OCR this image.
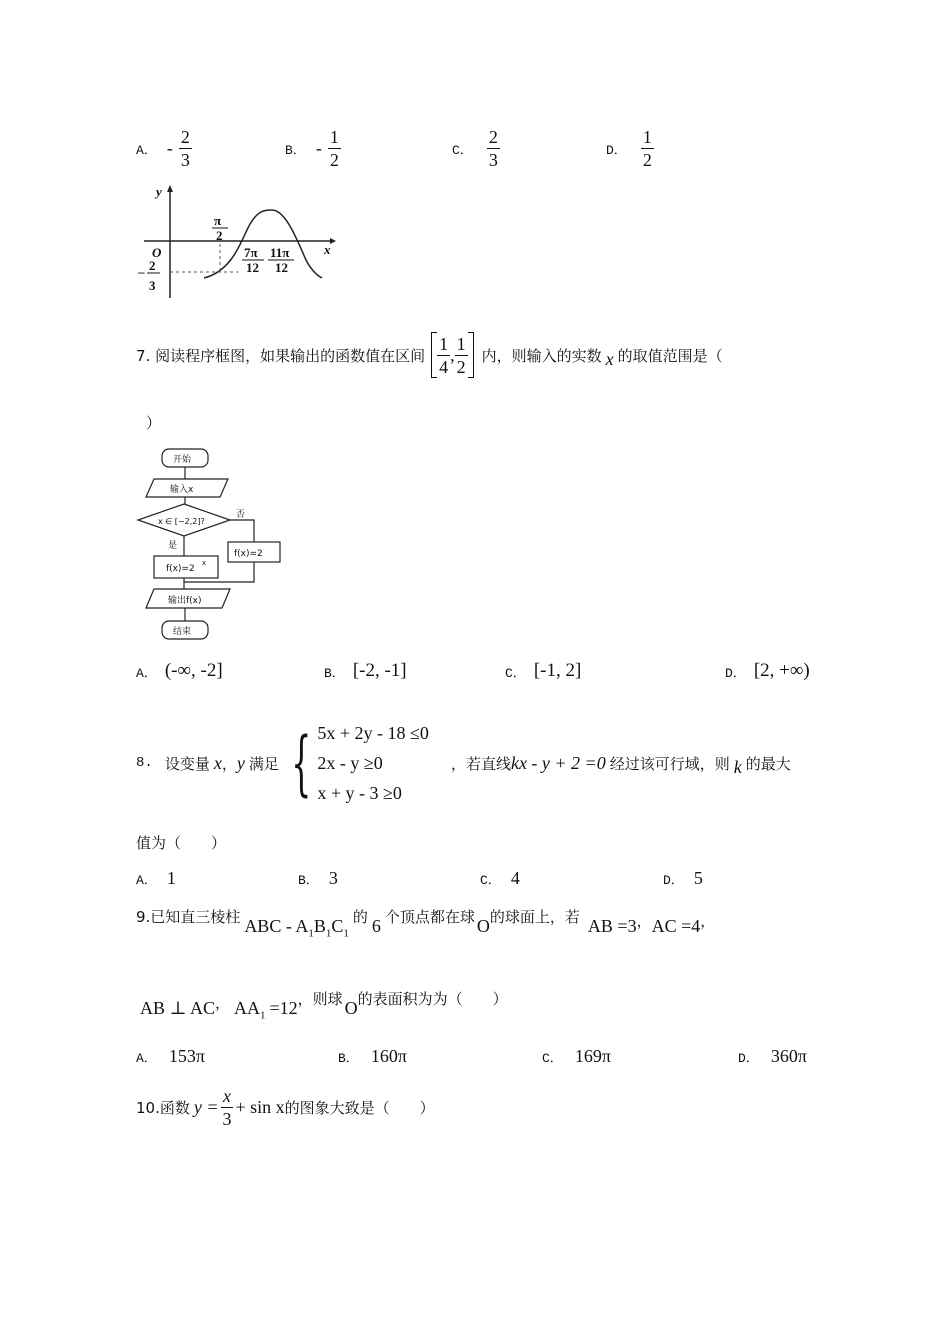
A． - $\frac{2}{3}$	B． - $\frac{1}{2}$	C． $\frac{2}{3}$	D． $\frac{1}{2}$
y
x
O
π
2
7π
12
11π
12
– 2
3
7. 阅读程序框图，如果输出的函数值在区间 $\frac{1}{4}$ , $\frac{1}{2}$ 内，则输入的实数 x 的取值范围是（
）
开始
输入x
x ∈ [−2,2]?
否
是
f(x)=2
f(x)=2
x
输出f(x)
结束
A． (-∞, -2]	B． [-2, -1]	C． [-1, 2]	D． [2, +∞)
8. 设变量 x ， y 满足 { 5x + 2y - 18 ≤0
2x - y ≥0
x + y - 3 ≥0
，若直线 kx - y + 2 =0 经过该可行域，则 k 的最大
值为（　　）
A． 1	B． 3	C． 4	D． 5
9.已知直三棱柱 ABC - $A_1B_1C_1$
的 6 个顶点都在球 O 的球面上，若 AB =3 ， AC =4 ，
AB ⊥ AC ， $AA_1 =12$ ，则球 O 的表面积为为（　　）
A． 153π	B． 160π	C． 169π	D． 360π
10.函数 $y = \frac{x}{3} + \sin x$ 的图象大致是（　　）
